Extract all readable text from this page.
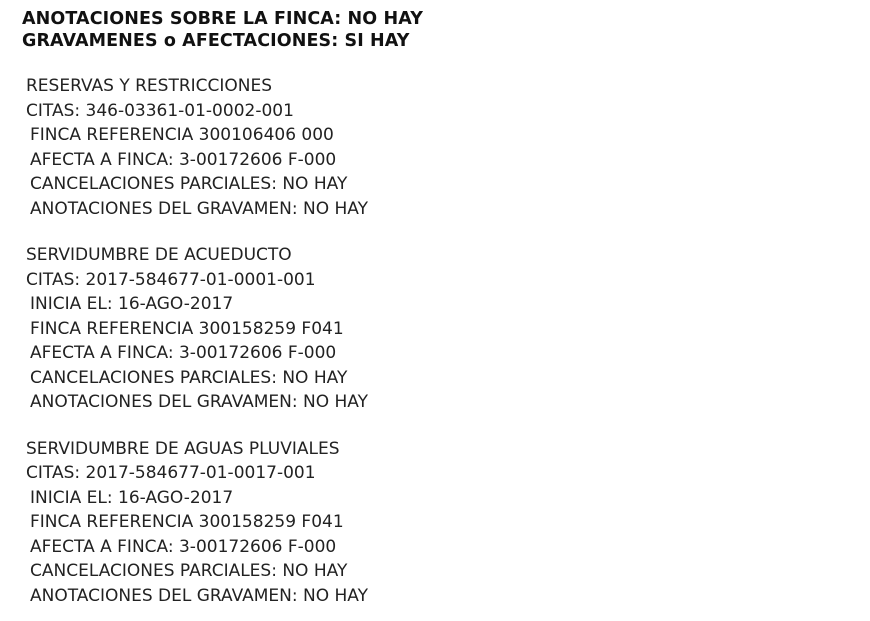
ANOTACIONES SOBRE LA FINCA: NO HAY
GRAVAMENES o AFECTACIONES: SI HAY
RESERVAS Y RESTRICCIONES
CITAS: 346-03361-01-0002-001
FINCA REFERENCIA 300106406 000
AFECTA A FINCA: 3-00172606 F-000
CANCELACIONES PARCIALES: NO HAY
ANOTACIONES DEL GRAVAMEN: NO HAY
SERVIDUMBRE DE ACUEDUCTO
CITAS: 2017-584677-01-0001-001
INICIA EL: 16-AGO-2017
FINCA REFERENCIA 300158259 F041
AFECTA A FINCA: 3-00172606 F-000
CANCELACIONES PARCIALES: NO HAY
ANOTACIONES DEL GRAVAMEN: NO HAY
SERVIDUMBRE DE AGUAS PLUVIALES
CITAS: 2017-584677-01-0017-001
INICIA EL: 16-AGO-2017
FINCA REFERENCIA 300158259 F041
AFECTA A FINCA: 3-00172606 F-000
CANCELACIONES PARCIALES: NO HAY
ANOTACIONES DEL GRAVAMEN: NO HAY
